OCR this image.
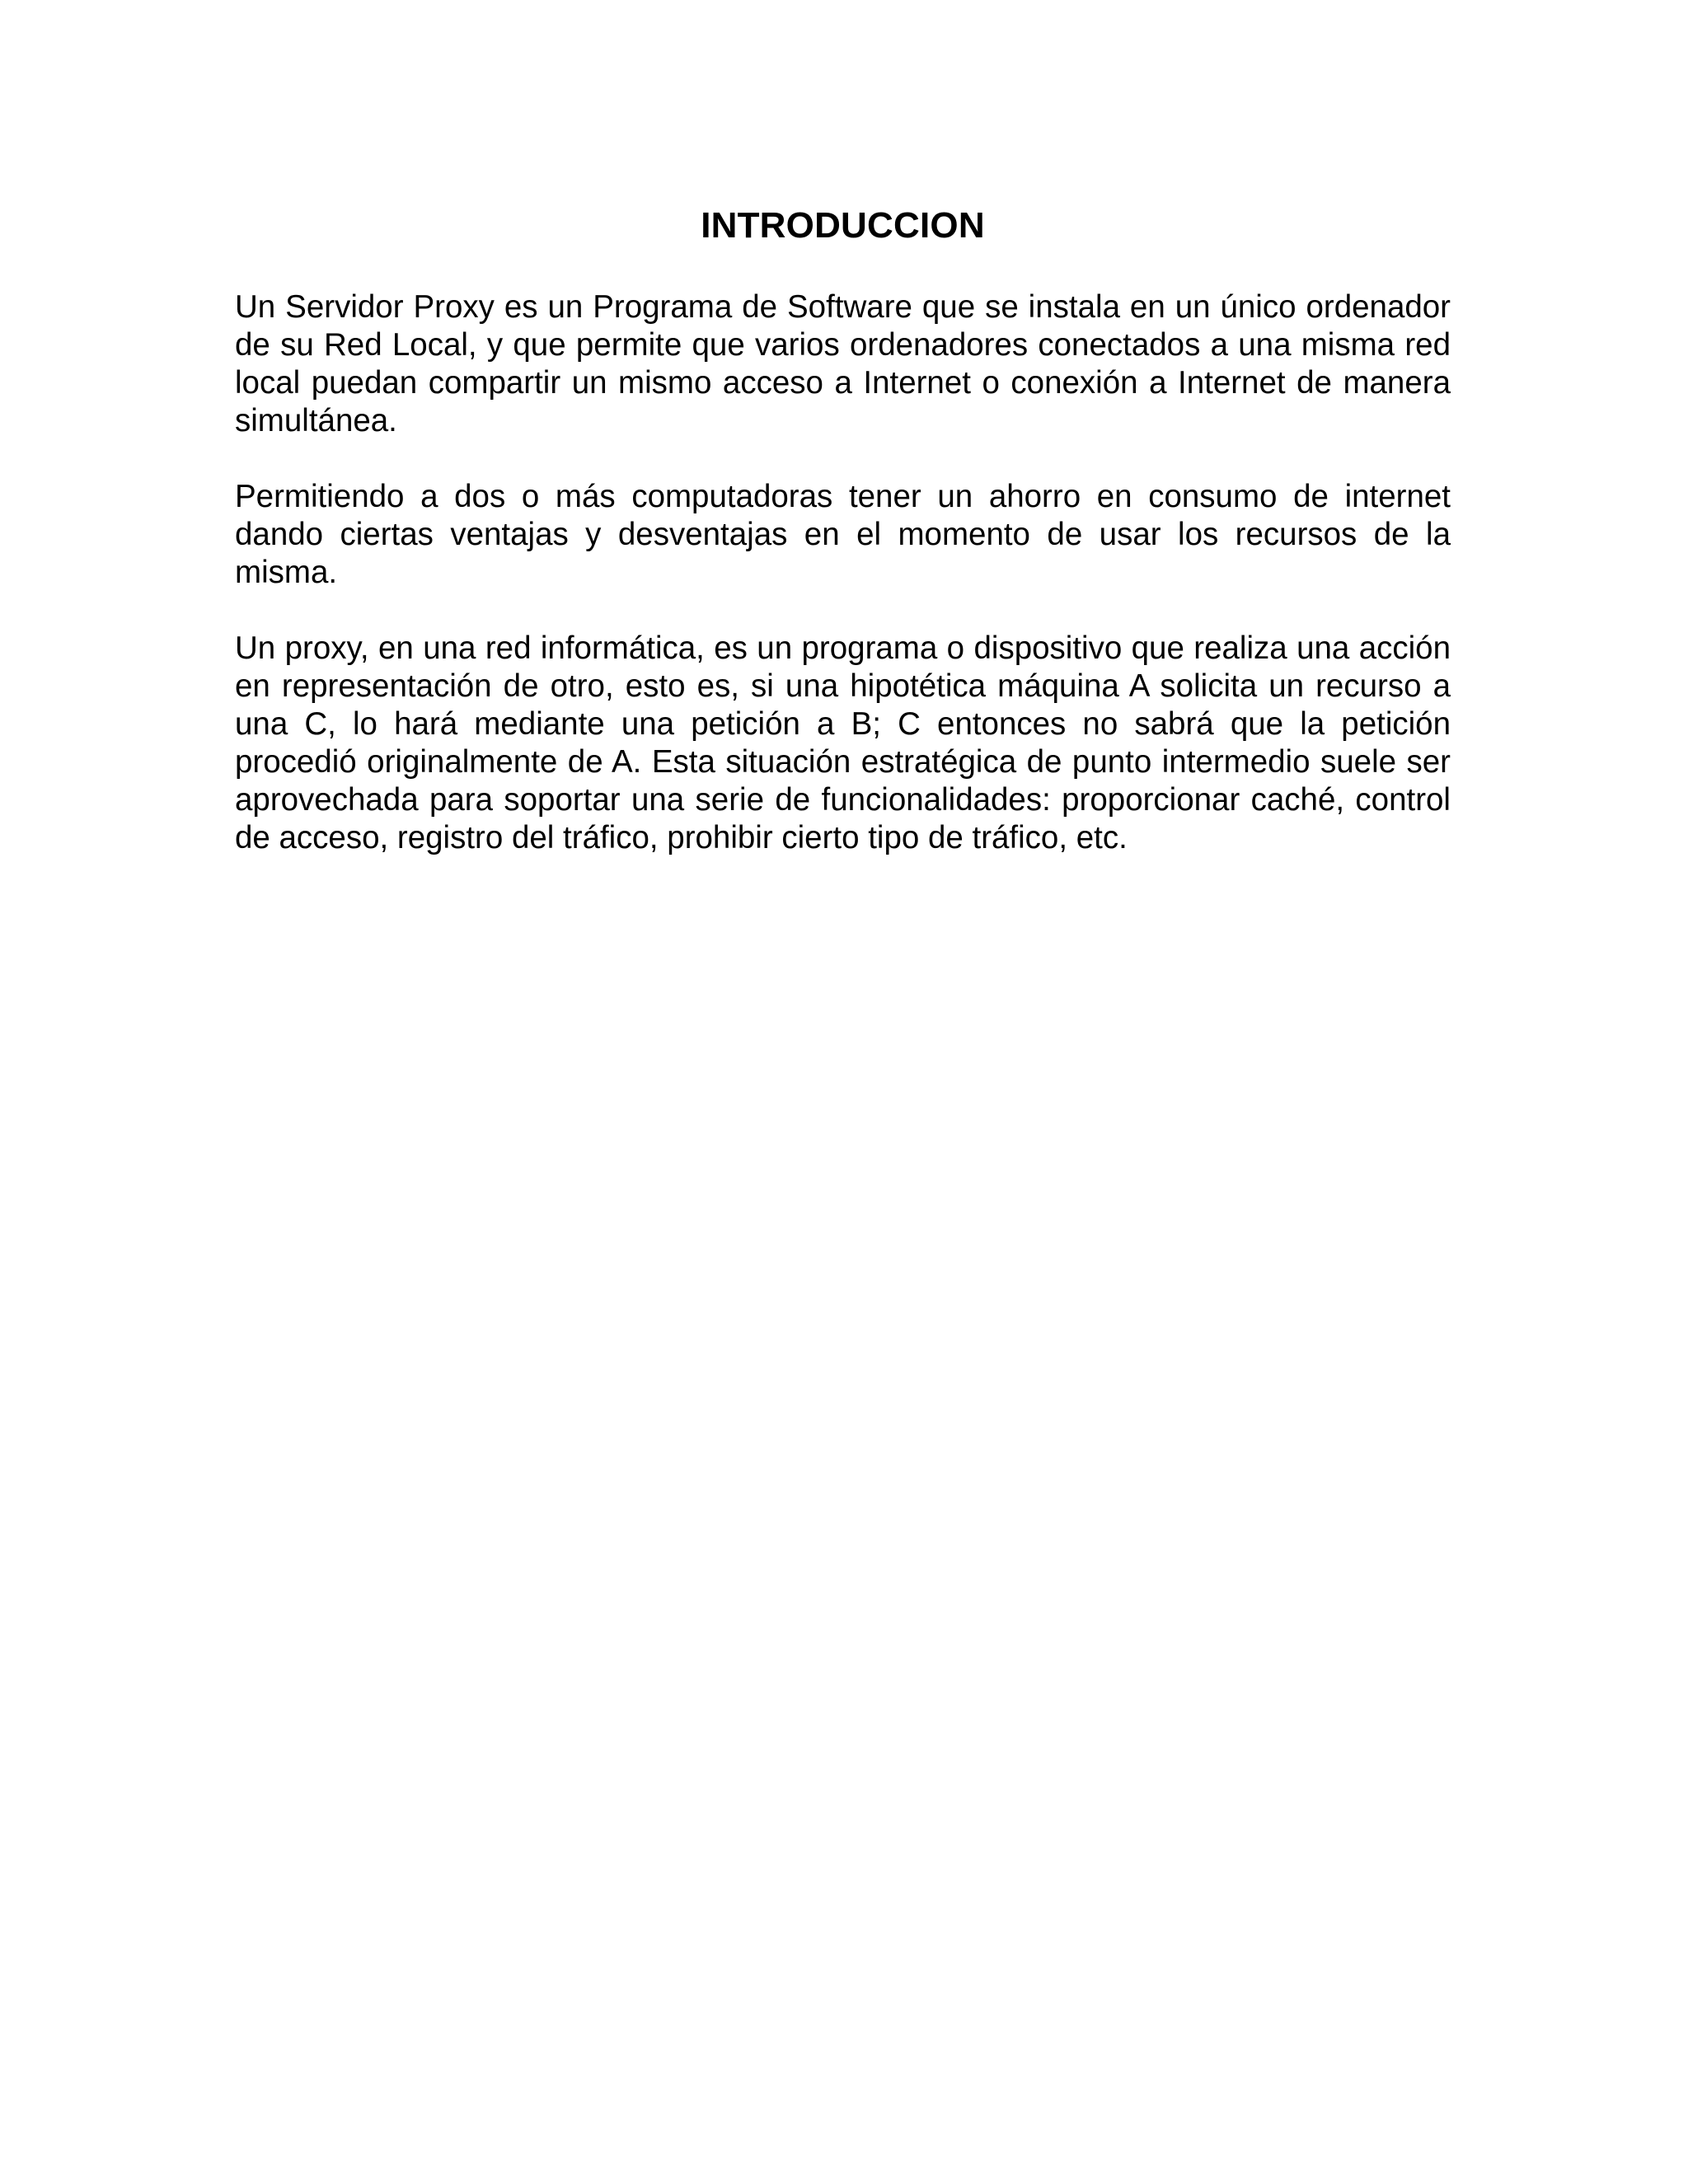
INTRODUCCION

Un Servidor Proxy es un Programa de Software que se instala en un único ordenador de su Red Local, y que permite que varios ordenadores conectados a una misma red local puedan compartir un mismo acceso a Internet o conexión a Internet de manera simultánea.

Permitiendo a dos o más computadoras tener un ahorro en consumo de internet dando ciertas ventajas y desventajas en el momento de usar los recursos de la misma.

Un proxy, en una red informática, es un programa o dispositivo que realiza una acción en representación de otro, esto es, si una hipotética máquina A solicita un recurso a una C, lo hará mediante una petición a B; C entonces no sabrá que la petición procedió originalmente de A. Esta situación estratégica de punto intermedio suele ser aprovechada para soportar una serie de funcionalidades: proporcionar caché, control de acceso, registro del tráfico, prohibir cierto tipo de tráfico, etc.
